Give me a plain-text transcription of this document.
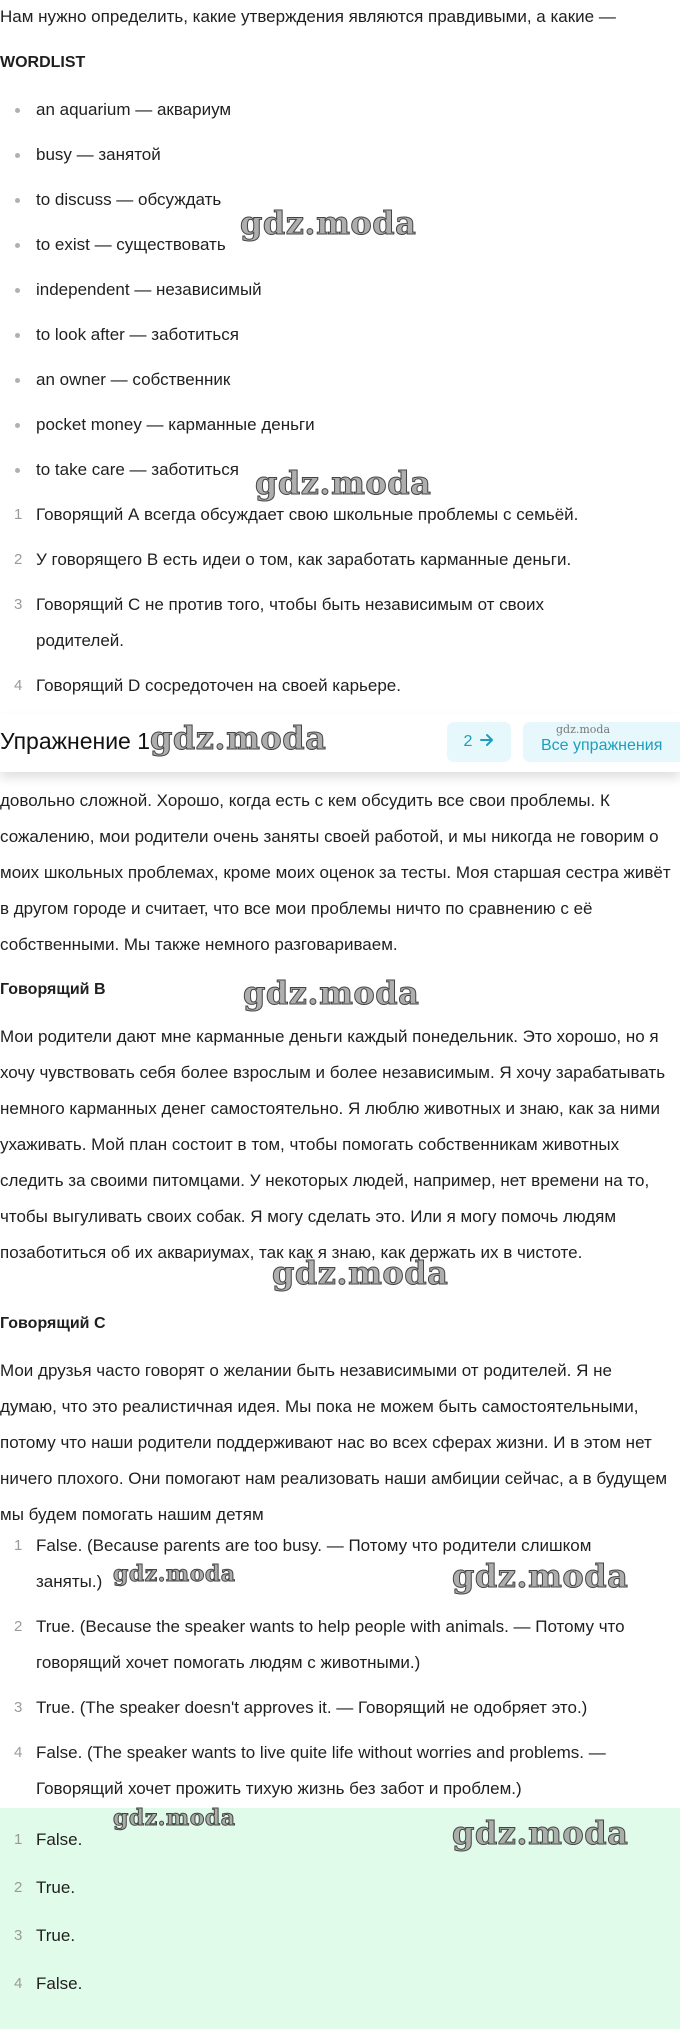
Нам нужно определить, какие утверждения являются правдивыми, а какие —
WORDLIST
an aquarium — аквариум
busy — занятой
to discuss — обсуждать
to exist — существовать
independent — независимый
to look after — заботиться
an owner — собственник
pocket money — карманные деньги
to take care — заботиться
1 Говорящий А всегда обсуждает свою школьные проблемы с семьёй.
2 У говорящего В есть идеи о том, как заработать карманные деньги.
3 Говорящий С не против того, чтобы быть независимым от своих родителей.
4 Говорящий D сосредоточен на своей карьере.
Упражнение 1	2
gdz.moda
Все упражнения

довольно сложной. Хорошо, когда есть с кем обсудить все свои проблемы. К сожалению, мои родители очень заняты своей работой, и мы никогда не говорим о моих школьных проблемах, кроме моих оценок за тесты. Моя старшая сестра живёт в другом городе и считает, что все мои проблемы ничто по сравнению с её собственными. Мы также немного разговариваем.

Говорящий B

Мои родители дают мне карманные деньги каждый понедельник. Это хорошо, но я хочу чувствовать себя более взрослым и более независимым. Я хочу зарабатывать немного карманных денег самостоятельно. Я люблю животных и знаю, как за ними ухаживать. Мой план состоит в том, чтобы помогать собственникам животных следить за своими питомцами. У некоторых людей, например, нет времени на то, чтобы выгуливать своих собак. Я могу сделать это. Или я могу помочь людям позаботиться об их аквариумах, так как я знаю, как держать их в чистоте.

Говорящий C

Мои друзья часто говорят о желании быть независимыми от родителей. Я не думаю, что это реалистичная идея. Мы пока не можем быть самостоятельными, потому что наши родители поддерживают нас во всех сферах жизни. И в этом нет ничего плохого. Они помогают нам реализовать наши амбиции сейчас, а в будущем мы будем помогать нашим детям

1 False. (Because parents are too busy. — Потому что родители слишком заняты.)
2 True. (Because the speaker wants to help people with animals. — Потому что говорящий хочет помогать людям с животными.)
3 True. (The speaker doesn't approves it. — Говорящий не одобряет это.)
4 False. (The speaker wants to live quite life without worries and problems. — Говорящий хочет прожить тихую жизнь без забот и проблем.)
1 False.
2 True.
3 True.
4 False.
gdz.moda
gdz.moda
gdz.moda
gdz.moda
gdz.moda
gdz.moda	gdz.moda
gdz.moda	gdz.moda
